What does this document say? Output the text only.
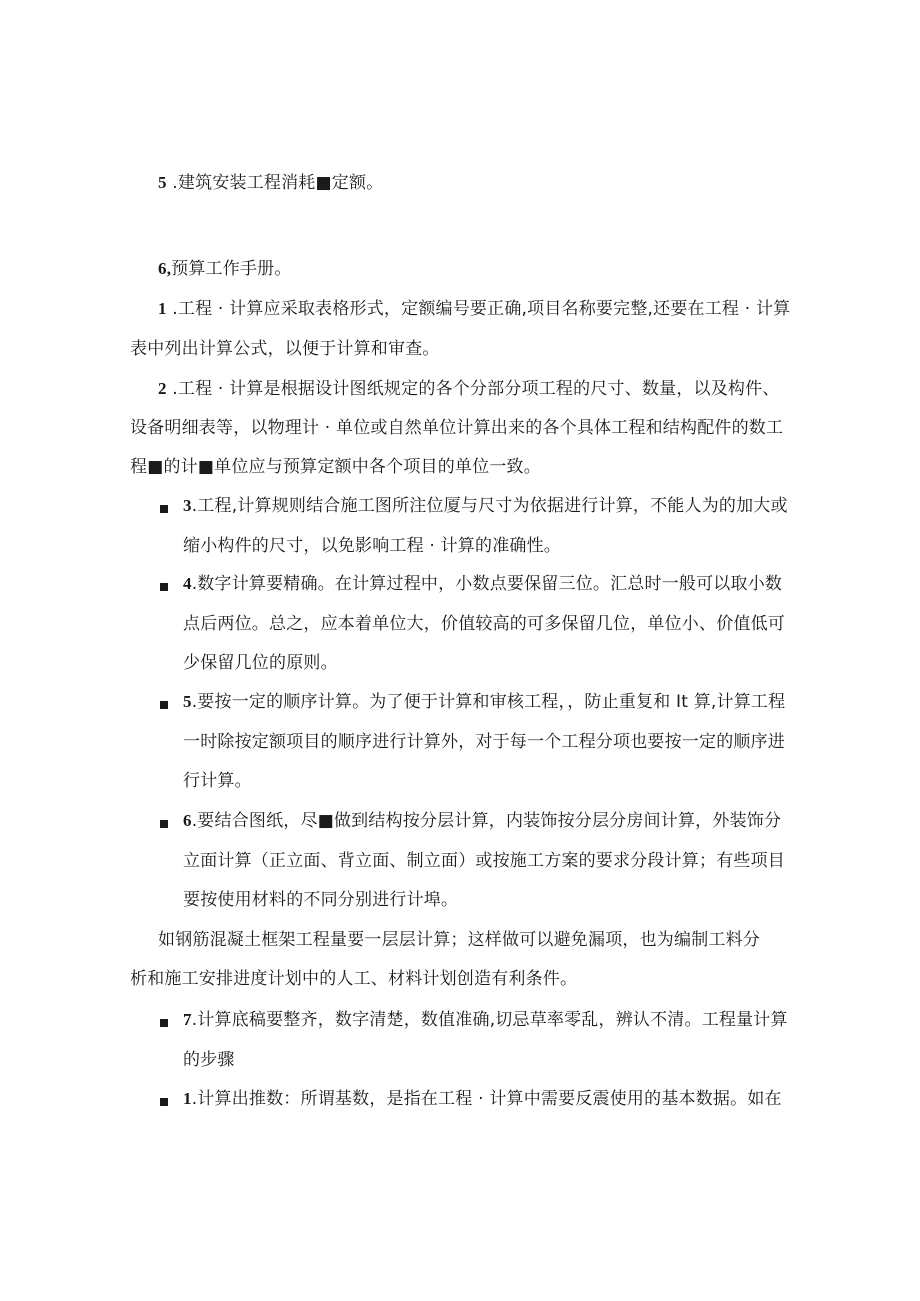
5 .建筑安装工程消耗■定额。
6,预算工作手册。
1 .工程 · 计算应采取表格形式，定额编号要正确,项目名称要完整,还要在工程 · 计算
表中列出计算公式，以便于计算和审查。
2 .工程 · 计算是根据设计图纸规定的各个分部分项工程的尺寸、数量，以及构件、
设备明细表等，以物理计 · 单位或自然单位计算出来的各个具体工程和结构配件的数工
程■的计■单位应与预算定额中各个项目的单位一致。
3.工程,计算规则结合施工图所注位厦与尺寸为依据进行计算，不能人为的加大或
缩小构件的尺寸，以免影响工程 · 计算的准确性。
4.数字计算要精确。在计算过程中，小数点要保留三位。汇总时一般可以取小数
点后两位。总之，应本着单位大，价值较高的可多保留几位，单位小、价值低可
少保留几位的原则。
5.要按一定的顺序计算。为了便于计算和审核工程，，防止重复和 It 算,计算工程
一时除按定额项目的顺序进行计算外，对于每一个工程分项也要按一定的顺序进
行计算。
6.要结合图纸，尽■做到结构按分层计算，内装饰按分层分房间计算，外装饰分
立面计算（正立面、背立面、制立面）或按施工方案的要求分段计算；有些项目
要按使用材料的不同分别进行计埠。
如钢筋混凝土框架工程量要一层层计算；这样做可以避免漏项，也为编制工料分
析和施工安排进度计划中的人工、材料计划创造有利条件。
7.计算底稿要整齐，数字清楚，数值准确,切忌草率零乱，辨认不清。工程量计算
的步骤
1.计算出推数：所谓基数，是指在工程 · 计算中需要反震使用的基本数据。如在
